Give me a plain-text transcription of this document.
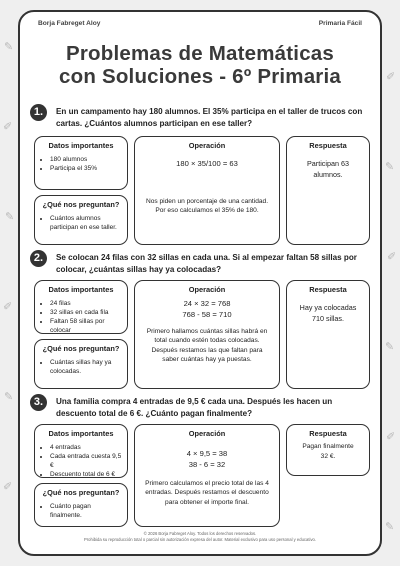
✎
✐
✎
✐
✎
✐
✐
✎
✐
✎
✐
✎
Borja Fabreget Aloy	Primaria Fácil
Problemas de Matemáticas
con Soluciones - 6º Primaria
1.	En un campamento hay 180 alumnos. El 35% participa en el taller de trucos con cartas. ¿Cuántos alumnos participan en ese taller?
Datos importantes
• 180 alumnos
• Participa el 35%
¿Qué nos preguntan?
• Cuántos alumnos participan en ese taller.
Operación
180 × 35/100 = 63
Nos piden un porcentaje de una cantidad. Por eso calculamos el 35% de 180.
Respuesta
Participan 63 alumnos.
2.	Se colocan 24 filas con 32 sillas en cada una. Si al empezar faltan 58 sillas por colocar, ¿cuántas sillas hay ya colocadas?
Datos importantes
• 24 filas
• 32 sillas en cada fila
• Faltan 58 sillas por colocar
¿Qué nos preguntan?
• Cuántas sillas hay ya colocadas.
Operación
24 × 32 = 768
768 - 58 = 710
Primero hallamos cuántas sillas habrá en total cuando estén todas colocadas. Después restamos las que faltan para saber cuántas hay ya puestas.
Respuesta
Hay ya colocadas 710 sillas.
3.	Una familia compra 4 entradas de 9,5 € cada una. Después les hacen un descuento total de 6 €. ¿Cuánto pagan finalmente?
Datos importantes
• 4 entradas
• Cada entrada cuesta 9,5 €
• Descuento total de 6 €
¿Qué nos preguntan?
• Cuánto pagan finalmente.
Operación
4 × 9,5 = 38
38 - 6 = 32
Primero calculamos el precio total de las 4 entradas. Después restamos el descuento para obtener el importe final.
Respuesta
Pagan finalmente 32 €.
© 2026 Borja Fabreget Aloy. Todos los derechos reservados.
Prohibida su reproducción total o parcial sin autorización expresa del autor. Material exclusivo para uso personal y educativo.
